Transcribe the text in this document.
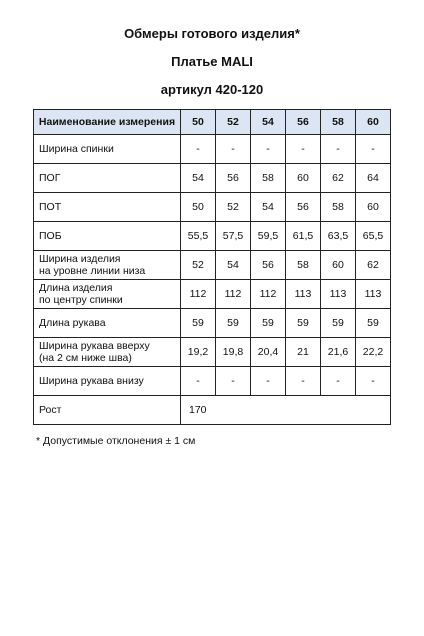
Обмеры готового изделия*
Платье MALI
артикул 420-120
Наименование измерения	50	52	54	56	58	60

Ширина спинки	-	-	-	-	-	-

ПОГ	54	56	58	60	62	64

ПОТ	50	52	54	56	58	60

ПОБ	55,5	57,5	59,5	61,5	63,5	65,5

Ширина изделия
на уровне линии низа	52	54	56	58	60	62

Длина изделия
по центру спинки	112	112	112	113	113	113

Длина рукава	59	59	59	59	59	59

Ширина рукава вверху
(на 2 см ниже шва)	19,2	19,8	20,4	21	21,6	22,2

Ширина рукава внизу	-	-	-	-	-	-

Рост	170					
* Допустимые отклонения ± 1 см
